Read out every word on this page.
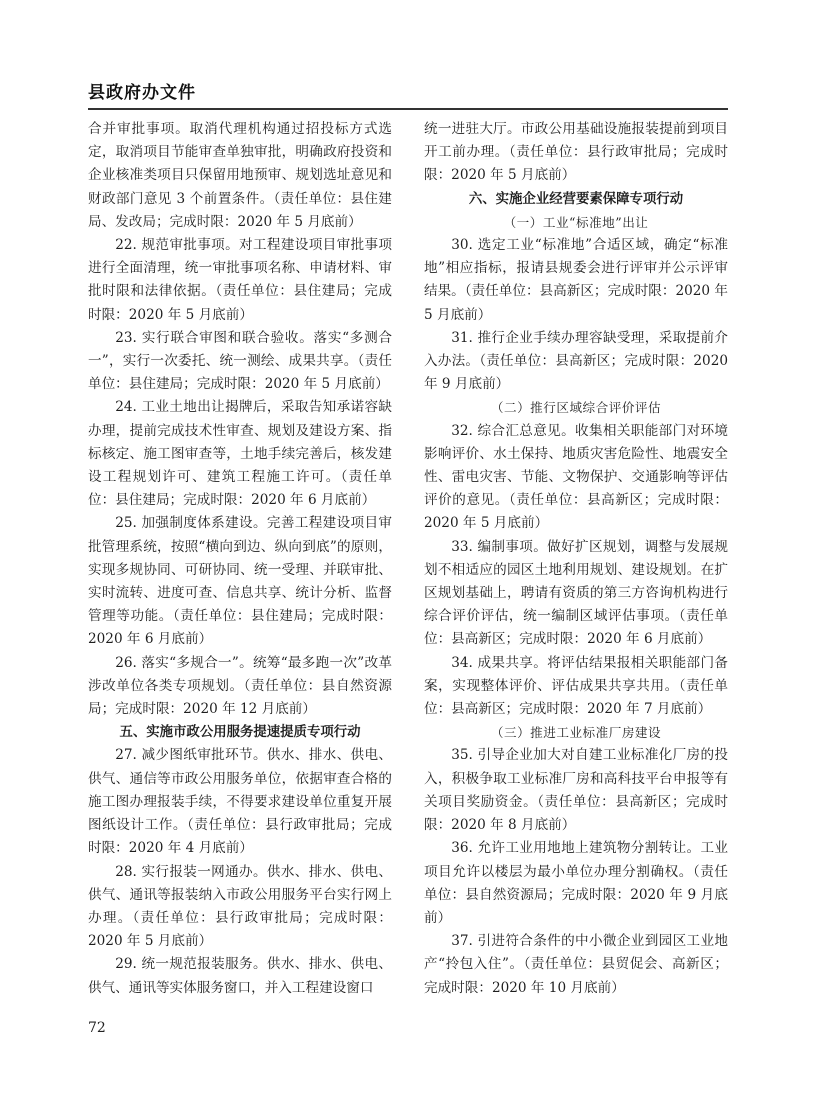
县政府办文件

合并审批事项。取消代理机构通过招投标方式选定，取消项目节能审查单独审批，明确政府投资和企业核准类项目只保留用地预审、规划选址意见和财政部门意见 3 个前置条件。（责任单位：县住建局、发改局；完成时限：2020 年 5 月底前）

22. 规范审批事项。对工程建设项目审批事项进行全面清理，统一审批事项名称、申请材料、审批时限和法律依据。（责任单位：县住建局；完成时限：2020 年 5 月底前）

23. 实行联合审图和联合验收。落实“多测合一”，实行一次委托、统一测绘、成果共享。（责任单位：县住建局；完成时限：2020 年 5 月底前）

24. 工业土地出让揭牌后，采取告知承诺容缺办理，提前完成技术性审查、规划及建设方案、指标核定、施工图审查等，土地手续完善后，核发建设工程规划许可、建筑工程施工许可。（责任单位：县住建局；完成时限：2020 年 6 月底前）

25. 加强制度体系建设。完善工程建设项目审批管理系统，按照“横向到边、纵向到底”的原则，实现多规协同、可研协同、统一受理、并联审批、实时流转、进度可查、信息共享、统计分析、监督管理等功能。（责任单位：县住建局；完成时限：2020 年 6 月底前）

26. 落实“多规合一”。统筹“最多跑一次”改革涉改单位各类专项规划。（责任单位：县自然资源局；完成时限：2020 年 12 月底前）

五、实施市政公用服务提速提质专项行动

27. 减少图纸审批环节。供水、排水、供电、供气、通信等市政公用服务单位，依据审查合格的施工图办理报装手续，不得要求建设单位重复开展图纸设计工作。（责任单位：县行政审批局；完成时限：2020 年 4 月底前）

28. 实行报装一网通办。供水、排水、供电、供气、通讯等报装纳入市政公用服务平台实行网上办理。（责任单位：县行政审批局；完成时限：2020 年 5 月底前）

29. 统一规范报装服务。供水、排水、供电、供气、通讯等实体服务窗口，并入工程建设窗口

统一进驻大厅。市政公用基础设施报装提前到项目开工前办理。（责任单位：县行政审批局；完成时限：2020 年 5 月底前）

六、实施企业经营要素保障专项行动

（一）工业“标准地”出让

30. 选定工业“标准地”合适区域，确定“标准地”相应指标，报请县规委会进行评审并公示评审结果。（责任单位：县高新区；完成时限：2020 年 5 月底前）

31. 推行企业手续办理容缺受理，采取提前介入办法。（责任单位：县高新区；完成时限：2020 年 9 月底前）

（二）推行区域综合评价评估

32. 综合汇总意见。收集相关职能部门对环境影响评价、水土保持、地质灾害危险性、地震安全性、雷电灾害、节能、文物保护、交通影响等评估评价的意见。（责任单位：县高新区；完成时限：2020 年 5 月底前）

33. 编制事项。做好扩区规划，调整与发展规划不相适应的园区土地利用规划、建设规划。在扩区规划基础上，聘请有资质的第三方咨询机构进行综合评价评估，统一编制区域评估事项。（责任单位：县高新区；完成时限：2020 年 6 月底前）

34. 成果共享。将评估结果报相关职能部门备案，实现整体评价、评估成果共享共用。（责任单位：县高新区；完成时限：2020 年 7 月底前）

（三）推进工业标准厂房建设

35. 引导企业加大对自建工业标准化厂房的投入，积极争取工业标准厂房和高科技平台申报等有关项目奖励资金。（责任单位：县高新区；完成时限：2020 年 8 月底前）

36. 允许工业用地地上建筑物分割转让。工业项目允许以楼层为最小单位办理分割确权。（责任单位：县自然资源局；完成时限：2020 年 9 月底前）

37. 引进符合条件的中小微企业到园区工业地产“拎包入住”。（责任单位：县贸促会、高新区；完成时限：2020 年 10 月底前）

72
